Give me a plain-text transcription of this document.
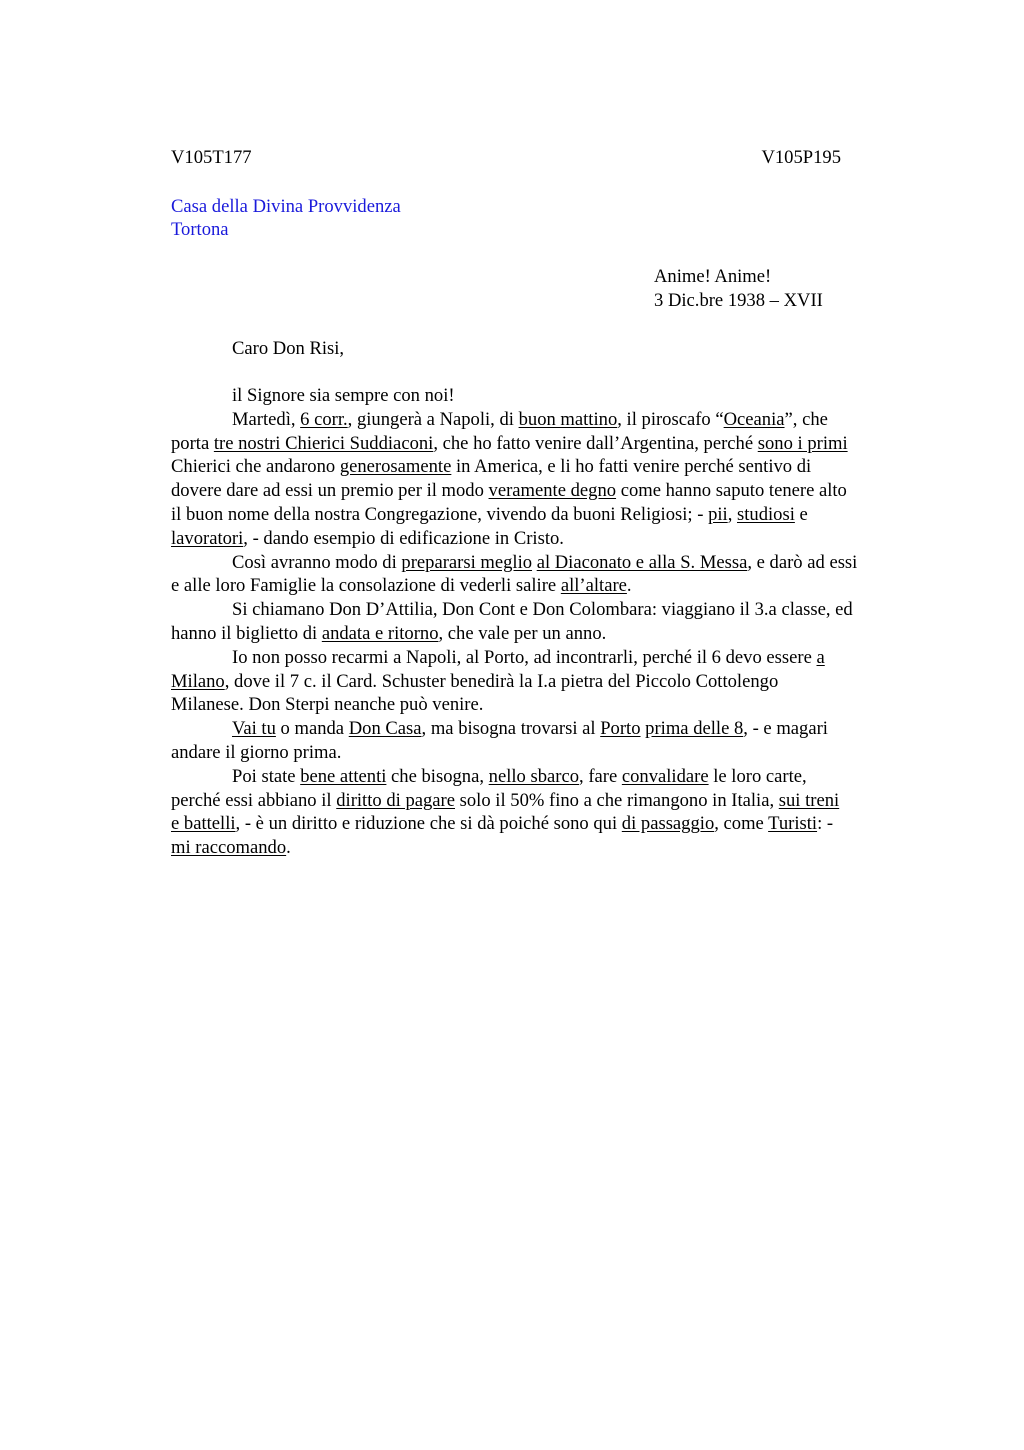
V105T177	V105P195
Casa della Divina Provvidenza
Tortona
Anime! Anime!
3 Dic.bre 1938 – XVII
Caro Don Risi,
il Signore sia sempre con noi!
Martedì, 6 corr., giungerà a Napoli, di buon mattino, il piroscafo “Oceania”, che
porta tre nostri Chierici Suddiaconi, che ho fatto venire dall’Argentina, perché sono i primi
Chierici che andarono generosamente in America, e li ho fatti venire perché sentivo di
dovere dare ad essi un premio per il modo veramente degno come hanno saputo tenere alto
il buon nome della nostra Congregazione, vivendo da buoni Religiosi; - pii, studiosi e
lavoratori, - dando esempio di edificazione in Cristo.
Così avranno modo di prepararsi meglio al Diaconato e alla S. Messa, e darò ad essi
e alle loro Famiglie la consolazione di vederli salire all’altare.
Si chiamano Don D’Attilia, Don Cont e Don Colombara: viaggiano il 3.a classe, ed
hanno il biglietto di andata e ritorno, che vale per un anno.
Io non posso recarmi a Napoli, al Porto, ad incontrarli, perché il 6 devo essere a
Milano, dove il 7 c. il Card. Schuster benedirà la I.a pietra del Piccolo Cottolengo
Milanese. Don Sterpi neanche può venire.
Vai tu o manda Don Casa, ma bisogna trovarsi al Porto prima delle 8, - e magari
andare il giorno prima.
Poi state bene attenti che bisogna, nello sbarco, fare convalidare le loro carte,
perché essi abbiano il diritto di pagare solo il 50% fino a che rimangono in Italia, sui treni
e battelli, - è un diritto e riduzione che si dà poiché sono qui di passaggio, come Turisti: -
mi raccomando.
